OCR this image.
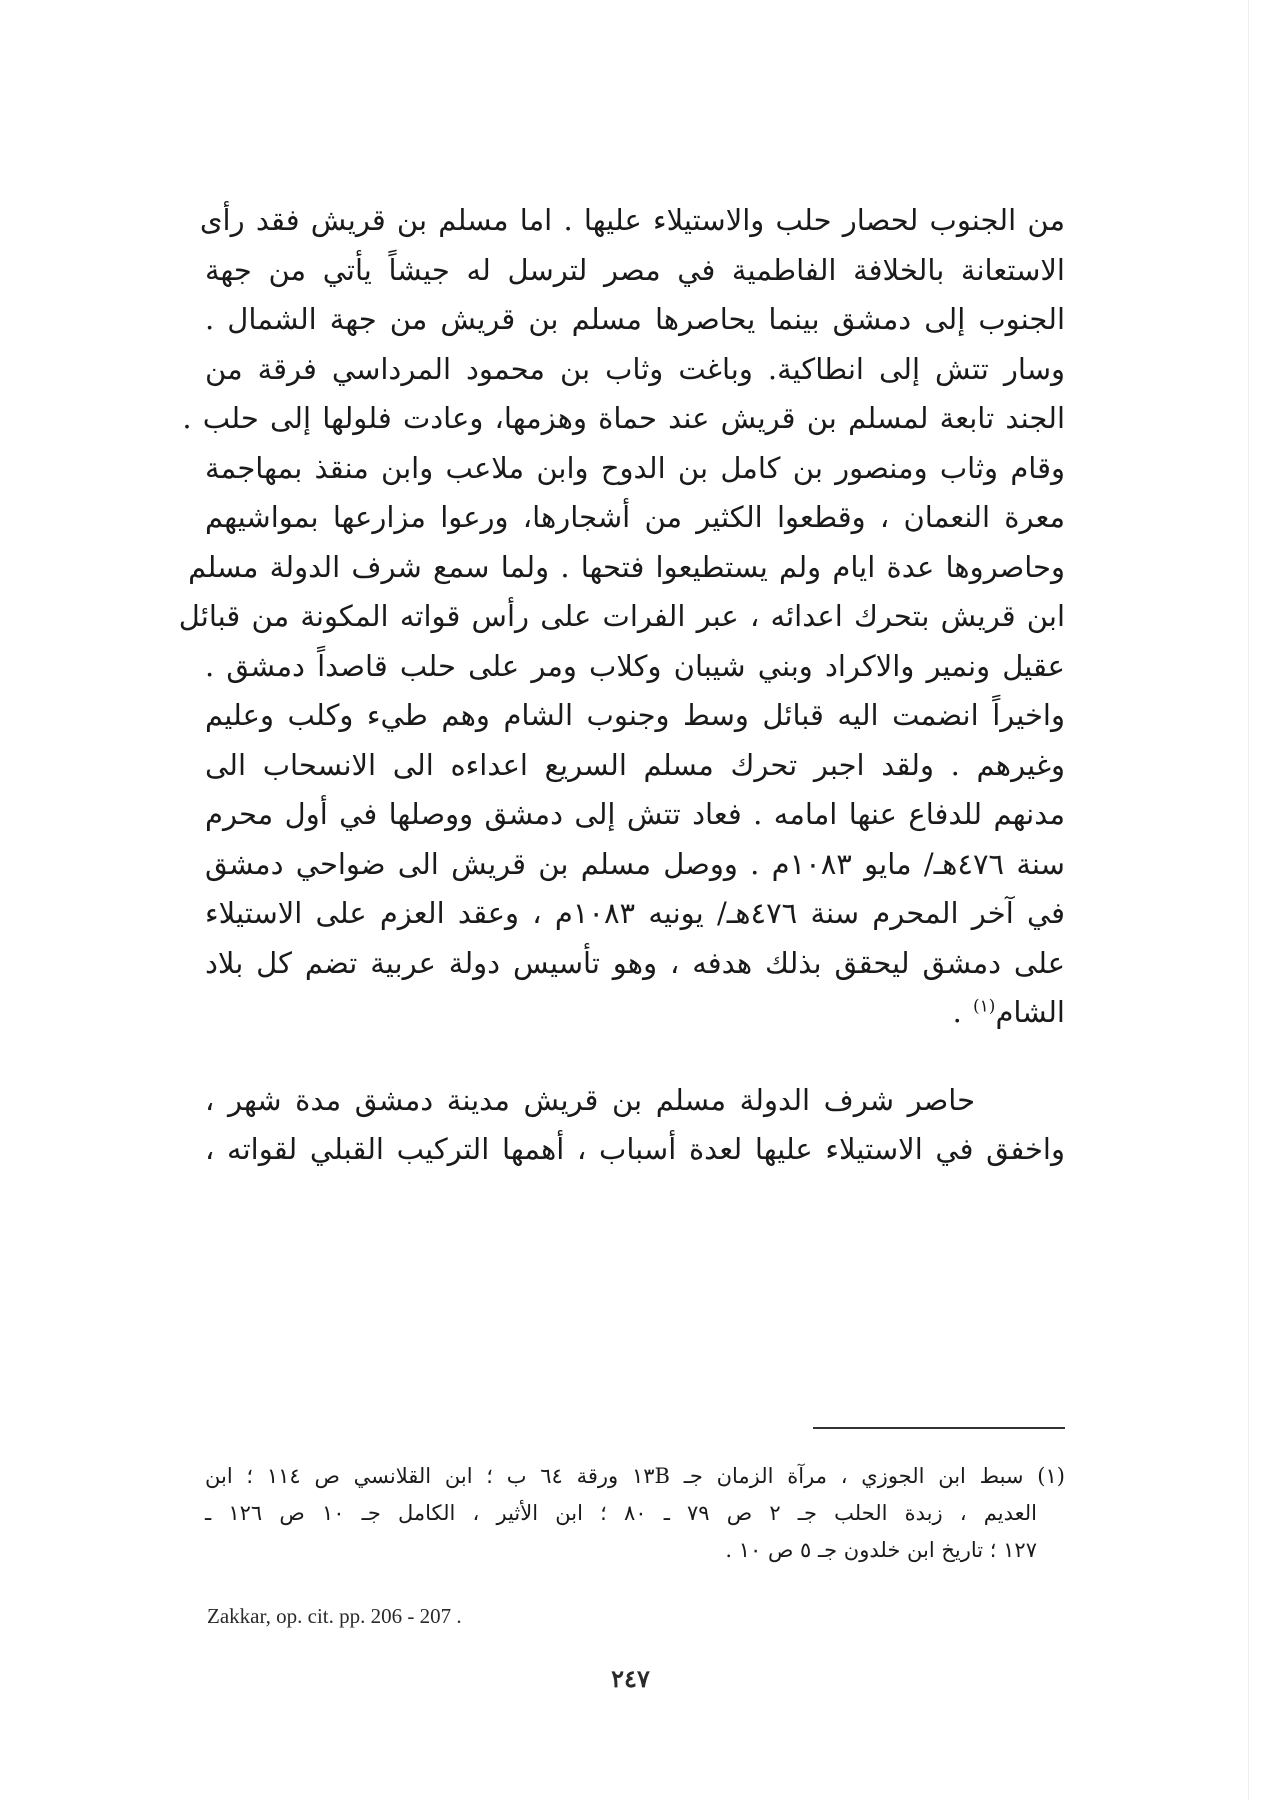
من الجنوب لحصار حلب والاستيلاء عليها . اما مسلم بن قريش فقد رأى
الاستعانة بالخلافة الفاطمية في مصر لترسل له جيشاً يأتي من جهة
الجنوب إلى دمشق بينما يحاصرها مسلم بن قريش من جهة الشمال .
وسار تتش إلى انطاكية. وباغت وثاب بن محمود المرداسي فرقة من
الجند تابعة لمسلم بن قريش عند حماة وهزمها، وعادت فلولها إلى حلب .
وقام وثاب ومنصور بن كامل بن الدوح وابن ملاعب وابن منقذ بمهاجمة
معرة النعمان ، وقطعوا الكثير من أشجارها، ورعوا مزارعها بمواشيهم
وحاصروها عدة ايام ولم يستطيعوا فتحها . ولما سمع شرف الدولة مسلم
ابن قريش بتحرك اعدائه ، عبر الفرات على رأس قواته المكونة من قبائل
عقيل ونمير والاكراد وبني شيبان وكلاب ومر على حلب قاصداً دمشق .
واخيراً انضمت اليه قبائل وسط وجنوب الشام وهم طيء وكلب وعليم
وغيرهم . ولقد اجبر تحرك مسلم السريع اعداءه الى الانسحاب الى
مدنهم للدفاع عنها امامه . فعاد تتش إلى دمشق ووصلها في أول محرم
سنة ٤٧٦هـ/ مايو ١٠٨٣م . ووصل مسلم بن قريش الى ضواحي دمشق
في آخر المحرم سنة ٤٧٦هـ/ يونيه ١٠٨٣م ، وعقد العزم على الاستيلاء
على دمشق ليحقق بذلك هدفه ، وهو تأسيس دولة عربية تضم كل بلاد
الشام$^{(١)}$ .
حاصر شرف الدولة مسلم بن قريش مدينة دمشق مدة شهر ،
واخفق في الاستيلاء عليها لعدة أسباب ، أهمها التركيب القبلي لقواته ،
(١) سبط ابن الجوزي ، مرآة الزمان جـ ١٣B ورقة ٦٤ ب ؛ ابن القلانسي ص ١١٤ ؛ ابن
العديم ، زبدة الحلب جـ ٢ ص ٧٩ ـ ٨٠ ؛ ابن الأثير ، الكامل جـ ١٠ ص ١٢٦ ـ
١٢٧ ؛ تاريخ ابن خلدون جـ ٥ ص ١٠ .
Zakkar, op. cit. pp. 206 - 207 .
٢٤٧
